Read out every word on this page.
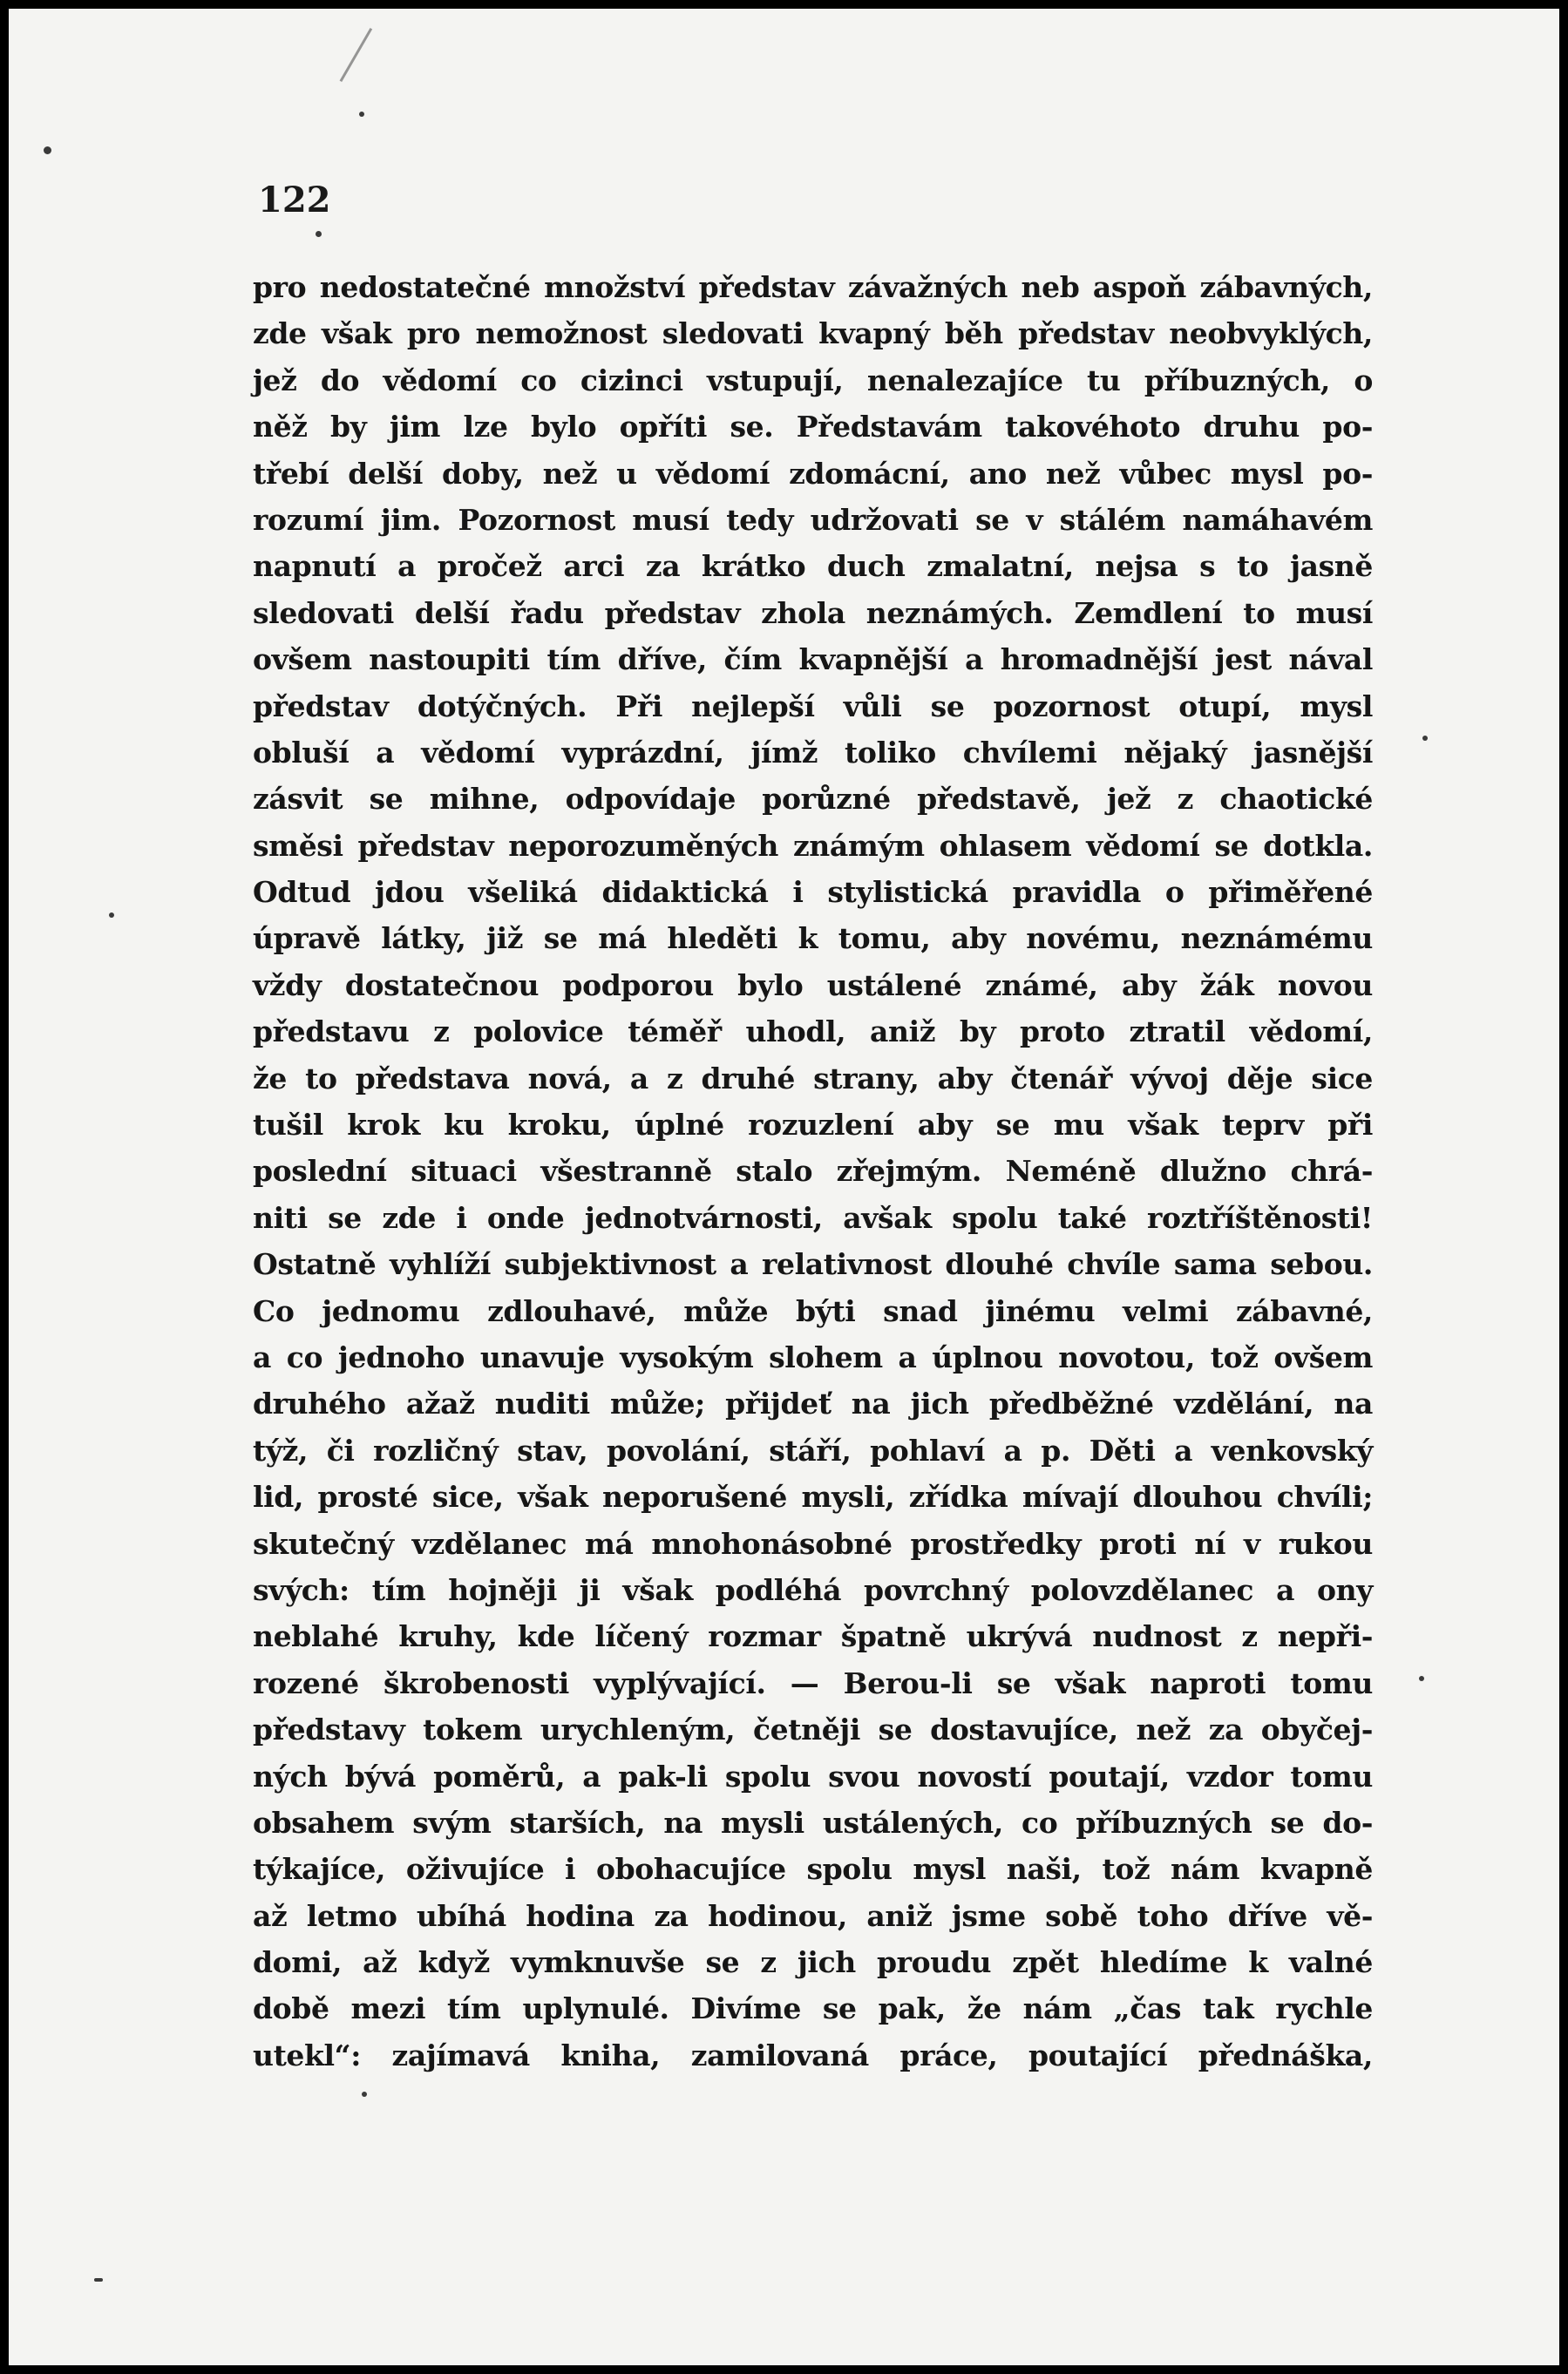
122
pro nedostatečné množství představ závažných neb aspoň zábavných,
zde však pro nemožnost sledovati kvapný běh představ neobvyklých,
jež do vědomí co cizinci vstupují, nenalezajíce tu příbuzných, o
něž by jim lze bylo opříti se. Představám takovéhoto druhu po-
třebí delší doby, než u vědomí zdomácní, ano než vůbec mysl po-
rozumí jim. Pozornost musí tedy udržovati se v stálém namáhavém
napnutí a pročež arci za krátko duch zmalatní, nejsa s to jasně
sledovati delší řadu představ zhola neznámých. Zemdlení to musí
ovšem nastoupiti tím dříve, čím kvapnější a hromadnější jest nával
představ dotýčných. Při nejlepší vůli se pozornost otupí, mysl
obluší a vědomí vyprázdní, jímž toliko chvílemi nějaký jasnější
zásvit se mihne, odpovídaje porůzné představě, jež z chaotické
směsi představ neporozuměných známým ohlasem vědomí se dotkla.
Odtud jdou všeliká didaktická i stylistická pravidla o přiměřené
úpravě látky, již se má hleděti k tomu, aby novému, neznámému
vždy dostatečnou podporou bylo ustálené známé, aby žák novou
představu z polovice téměř uhodl, aniž by proto ztratil vědomí,
že to představa nová, a z druhé strany, aby čtenář vývoj děje sice
tušil krok ku kroku, úplné rozuzlení aby se mu však teprv při
poslední situaci všestranně stalo zřejmým. Neméně dlužno chrá-
niti se zde i onde jednotvárnosti, avšak spolu také roztříštěnosti!
Ostatně vyhlíží subjektivnost a relativnost dlouhé chvíle sama sebou.
Co jednomu zdlouhavé, může býti snad jinému velmi zábavné,
a co jednoho unavuje vysokým slohem a úplnou novotou, tož ovšem
druhého ažaž nuditi může; přijdeť na jich předběžné vzdělání, na
týž, či rozličný stav, povolání, stáří, pohlaví a p. Děti a venkovský
lid, prosté sice, však neporušené mysli, zřídka mívají dlouhou chvíli;
skutečný vzdělanec má mnohonásobné prostředky proti ní v rukou
svých: tím hojněji ji však podléhá povrchný polovzdělanec a ony
neblahé kruhy, kde líčený rozmar špatně ukrývá nudnost z nepři-
rozené škrobenosti vyplývající. — Berou-li se však naproti tomu
představy tokem urychleným, četněji se dostavujíce, než za obyčej-
ných bývá poměrů, a pak-li spolu svou novostí poutají, vzdor tomu
obsahem svým starších, na mysli ustálených, co příbuzných se do-
týkajíce, oživujíce i obohacujíce spolu mysl naši, tož nám kvapně
až letmo ubíhá hodina za hodinou, aniž jsme sobě toho dříve vě-
domi, až když vymknuvše se z jich proudu zpět hledíme k valné
době mezi tím uplynulé. Divíme se pak, že nám „čas tak rychle
utekl“: zajímavá kniha, zamilovaná práce, poutající přednáška,
